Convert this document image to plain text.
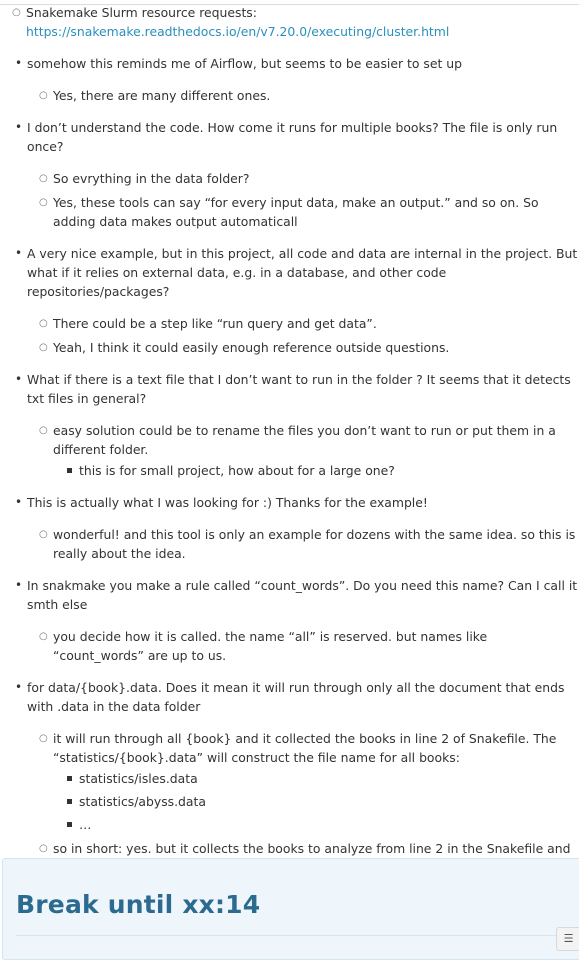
○ Snakemake Slurm resource requests: https://snakemake.readthedocs.io/en/v7.20.0/executing/cluster.html
• somehow this reminds me of Airflow, but seems to be easier to set up
○ Yes, there are many different ones.
• I don’t understand the code. How come it runs for multiple books? The file is only run once?
○ So evrything in the data folder?
○ Yes, these tools can say “for every input data, make an output.” and so on. So adding data makes output automaticall
• A very nice example, but in this project, all code and data are internal in the project. But what if it relies on external data, e.g. in a database, and other code repositories/packages?
○ There could be a step like “run query and get data”.
○ Yeah, I think it could easily enough reference outside questions.
• What if there is a text file that I don’t want to run in the folder ? It seems that it detects txt files in general?
○ easy solution could be to rename the files you don’t want to run or put them in a different folder.
this is for small project, how about for a large one?
• This is actually what I was looking for :) Thanks for the example!
○ wonderful! and this tool is only an example for dozens with the same idea. so this is really about the idea.
• In snakmake you make a rule called “count_words”. Do you need this name? Can I call it smth else
○ you decide how it is called. the name “all” is reserved. but names like “count_words” are up to us.
• for data/{book}.data. Does it mean it will run through only all the document that ends with .data in the data folder
○ it will run through all {book} and it collected the books in line 2 of Snakefile. The “statistics/{book}.data” will construct the file name for all books:
statistics/isles.data
statistics/abyss.data
…
○ so in short: yes. but it collects the books to analyze from line 2 in the Snakefile and
Break until xx:14
☰
